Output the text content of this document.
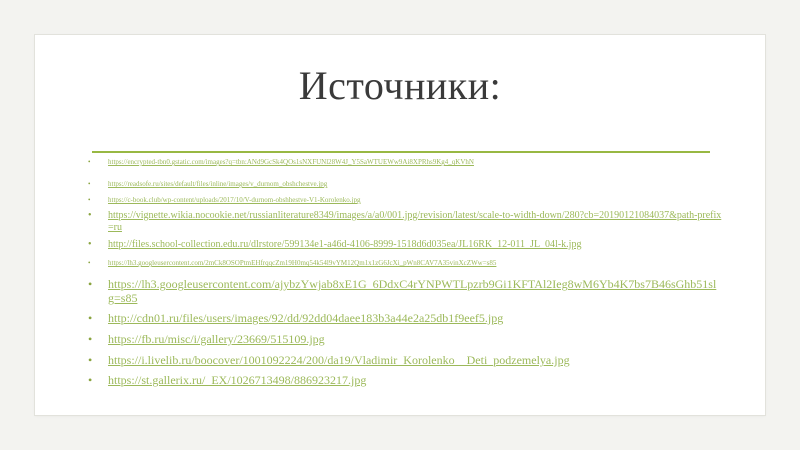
Источники:
•	https://encrypted-tbn0.gstatic.com/images?q=tbn:ANd9GcSk4QOs1sNXFUNl28W4J_Y5SaWTUEWw9Ai8XPRhs9Kg4_qKVhN
•	https://readsofe.ru/sites/default/files/inline/images/v_durnom_obshchestve.jpg
•	https://c-book.club/wp-content/uploads/2017/10/V-durnom-obshhestve-V1-Korolenko.jpg
•	https://vignette.wikia.nocookie.net/russianliterature8349/images/a/a0/001.jpg/revision/latest/scale-to-width-down/280?cb=20190121084037&path-prefix=ru
•	http://files.school-collection.edu.ru/dlrstore/599134e1-a46d-4106-8999-1518d6d035ea/JL16RK_12-011_JL_04l-k.jpg
•	https://lh3.googleusercontent.com/2mCk8OSOPtmEHfrqqcZm19H0mq54k54l9vYM12Qm1x1zG6JcXi_pWn8CAV7A35vinXcZWw=s85
•	https://lh3.googleusercontent.com/ajybzYwjab8xE1G_6DdxC4rYNPWTLpzrb9Gi1KFTAl2Ieg8wM6Yb4K7bs7B46sGhb51slg=s85
•	http://cdn01.ru/files/users/images/92/dd/92dd04daee183b3a44e2a25db1f9eef5.jpg
•	https://fb.ru/misc/i/gallery/23669/515109.jpg
•	https://i.livelib.ru/boocover/1001092224/200/da19/Vladimir_Korolenko__Deti_podzemelya.jpg
•	https://st.gallerix.ru/_EX/1026713498/886923217.jpg
